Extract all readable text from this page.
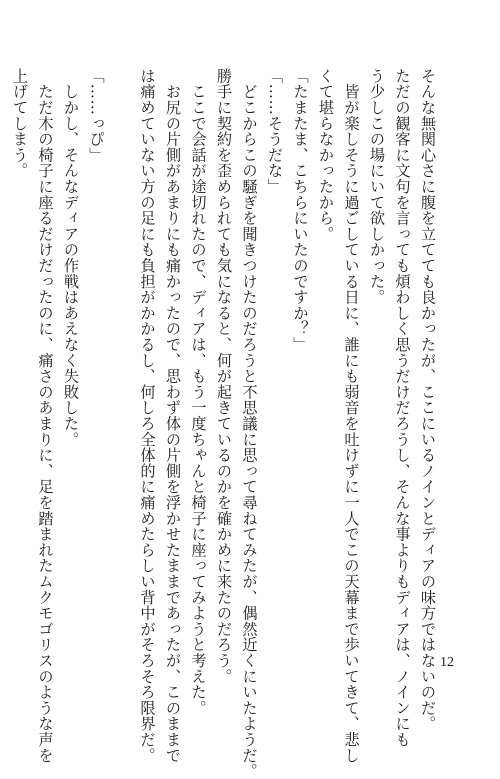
そんな無関心さに腹を立てても良かったが、ここにいるノインとディアの味方ではないのだ。
ただの観客に文句を言っても煩わしく思うだけだろうし、そんな事よりもディアは、ノインにも
う少しこの場にいて欲しかった。
　皆が楽しそうに過ごしている日に、誰にも弱音を吐けずに一人でこの天幕まで歩いてきて、悲し
くて堪らなかったから。
「たまたま、こちらにいたのですか？」
「……そうだな」
　どこからこの騒ぎを聞きつけたのだろうと不思議に思って尋ねてみたが、偶然近くにいたようだ。
勝手に契約を歪められても気になると、何が起きているのかを確かめに来たのだろう。
　ここで会話が途切れたので、ディアは、もう一度ちゃんと椅子に座ってみようと考えた。
　お尻の片側があまりにも痛かったので、思わず体の片側を浮かせたままであったが、このままで
は痛めていない方の足にも負担がかかるし、何しろ全体的に痛めたらしい背中がそろそろ限界だ。
「……っぴ」
　しかし、そんなディアの作戦はあえなく失敗した。
　ただ木の椅子に座るだけだったのに、痛さのあまりに、足を踏まれたムクモゴリスのような声を
上げてしまう。
12
